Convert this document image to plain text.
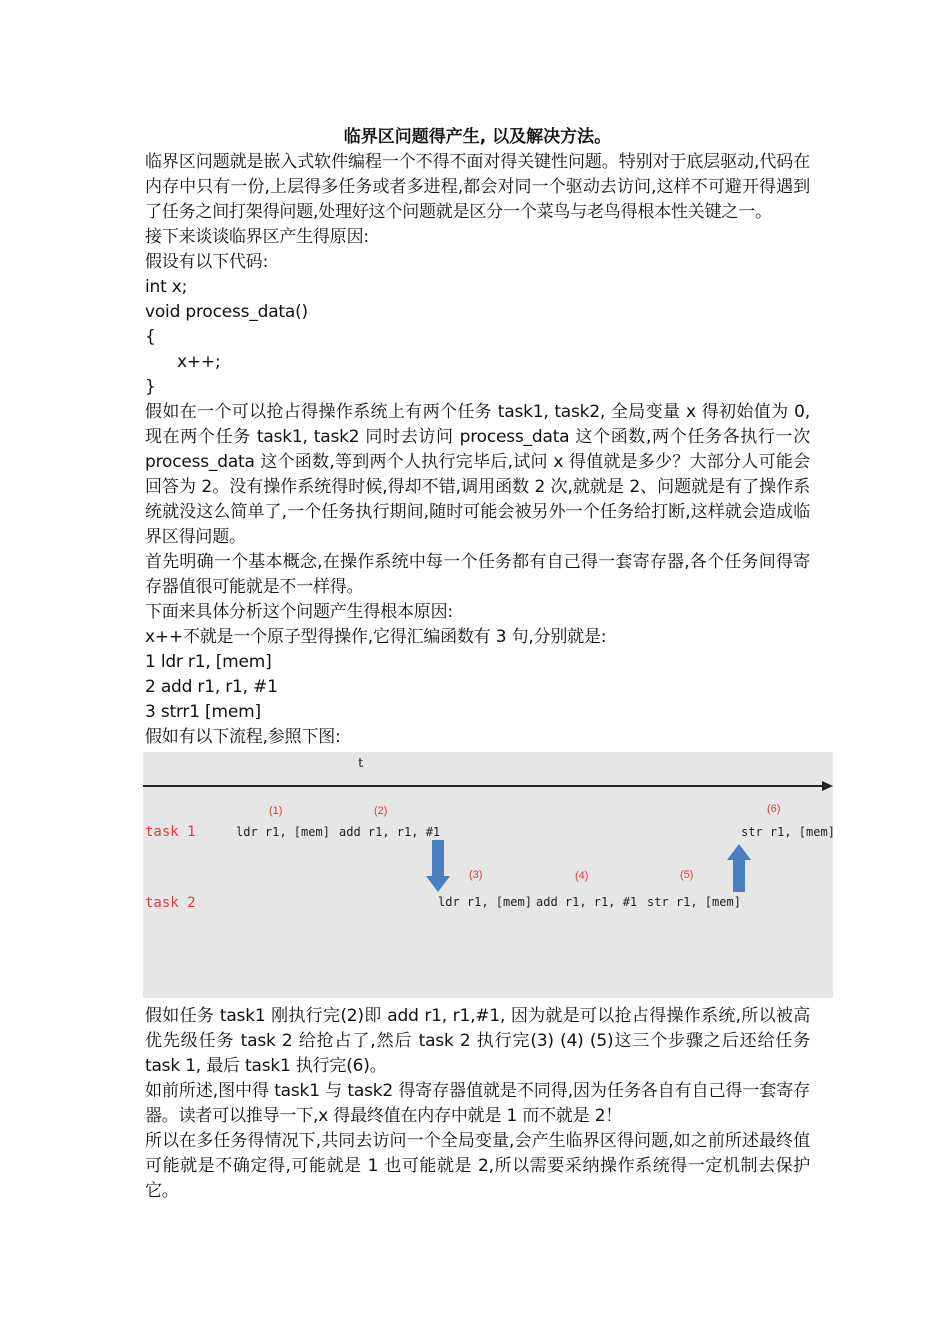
临界区问题得产生, 以及解决方法。

临界区问题就是嵌入式软件编程一个不得不面对得关键性问题。特别对于底层驱动,代码在内存中只有一份,上层得多任务或者多进程,都会对同一个驱动去访问,这样不可避开得遇到了任务之间打架得问题,处理好这个问题就是区分一个菜鸟与老鸟得根本性关键之一。

接下来谈谈临界区产生得原因:

假设有以下代码:

int x;

void process_data()

{

x++;

}

假如在一个可以抢占得操作系统上有两个任务 task1, task2, 全局变量 x 得初始值为 0, 现在两个任务 task1, task2 同时去访问 process_data 这个函数,两个任务各执行一次 process_data 这个函数,等到两个人执行完毕后,试问 x 得值就是多少？大部分人可能会回答为 2。没有操作系统得时候,得却不错,调用函数 2 次,就就是 2、问题就是有了操作系统就没这么简单了,一个任务执行期间,随时可能会被另外一个任务给打断,这样就会造成临界区得问题。

首先明确一个基本概念,在操作系统中每一个任务都有自己得一套寄存器,各个任务间得寄存器值很可能就是不一样得。

下面来具体分析这个问题产生得根本原因:

x++不就是一个原子型得操作,它得汇编函数有 3 句,分别就是:

1 ldr r1, [mem]

2 add r1, r1, #1

3 strr1 [mem]

假如有以下流程,参照下图:

t
task 1
task 2
(1)
ldr r1, [mem]
(2)
add r1, r1, #1
(3)
ldr r1, [mem]
(4)
add r1, r1, #1
(5)
str r1, [mem]
(6)
str r1, [mem]

假如任务 task1 刚执行完(2)即 add r1, r1,#1, 因为就是可以抢占得操作系统,所以被高优先级任务 task 2 给抢占了,然后 task 2 执行完(3) (4) (5)这三个步骤之后还给任务 task 1, 最后 task1 执行完(6)。

如前所述,图中得 task1 与 task2 得寄存器值就是不同得,因为任务各自有自己得一套寄存器。读者可以推导一下,x 得最终值在内存中就是 1 而不就是 2！

所以在多任务得情况下,共同去访问一个全局变量,会产生临界区得问题,如之前所述最终值可能就是不确定得,可能就是 1 也可能就是 2,所以需要采纳操作系统得一定机制去保护它。
